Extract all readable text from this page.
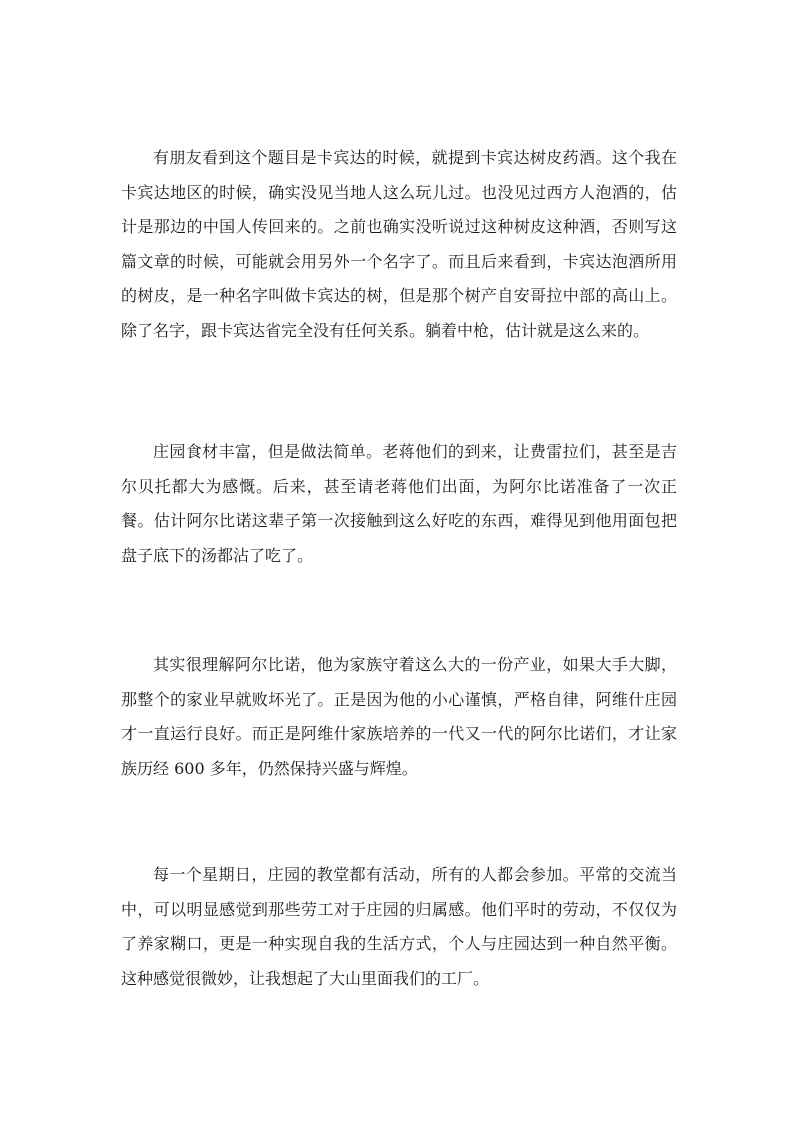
有朋友看到这个题目是卡宾达的时候，就提到卡宾达树皮药酒。这个我在
卡宾达地区的时候，确实没见当地人这么玩儿过。也没见过西方人泡酒的，估
计是那边的中国人传回来的。之前也确实没听说过这种树皮这种酒，否则写这
篇文章的时候，可能就会用另外一个名字了。而且后来看到，卡宾达泡酒所用
的树皮，是一种名字叫做卡宾达的树，但是那个树产自安哥拉中部的高山上。
除了名字，跟卡宾达省完全没有任何关系。躺着中枪，估计就是这么来的。
庄园食材丰富，但是做法简单。老蒋他们的到来，让费雷拉们，甚至是吉
尔贝托都大为感慨。后来，甚至请老蒋他们出面，为阿尔比诺准备了一次正
餐。估计阿尔比诺这辈子第一次接触到这么好吃的东西，难得见到他用面包把
盘子底下的汤都沾了吃了。
其实很理解阿尔比诺，他为家族守着这么大的一份产业，如果大手大脚，
那整个的家业早就败坏光了。正是因为他的小心谨慎，严格自律，阿维什庄园
才一直运行良好。而正是阿维什家族培养的一代又一代的阿尔比诺们，才让家
族历经 600 多年，仍然保持兴盛与辉煌。
每一个星期日，庄园的教堂都有活动，所有的人都会参加。平常的交流当
中，可以明显感觉到那些劳工对于庄园的归属感。他们平时的劳动，不仅仅为
了养家糊口，更是一种实现自我的生活方式，个人与庄园达到一种自然平衡。
这种感觉很微妙，让我想起了大山里面我们的工厂。
